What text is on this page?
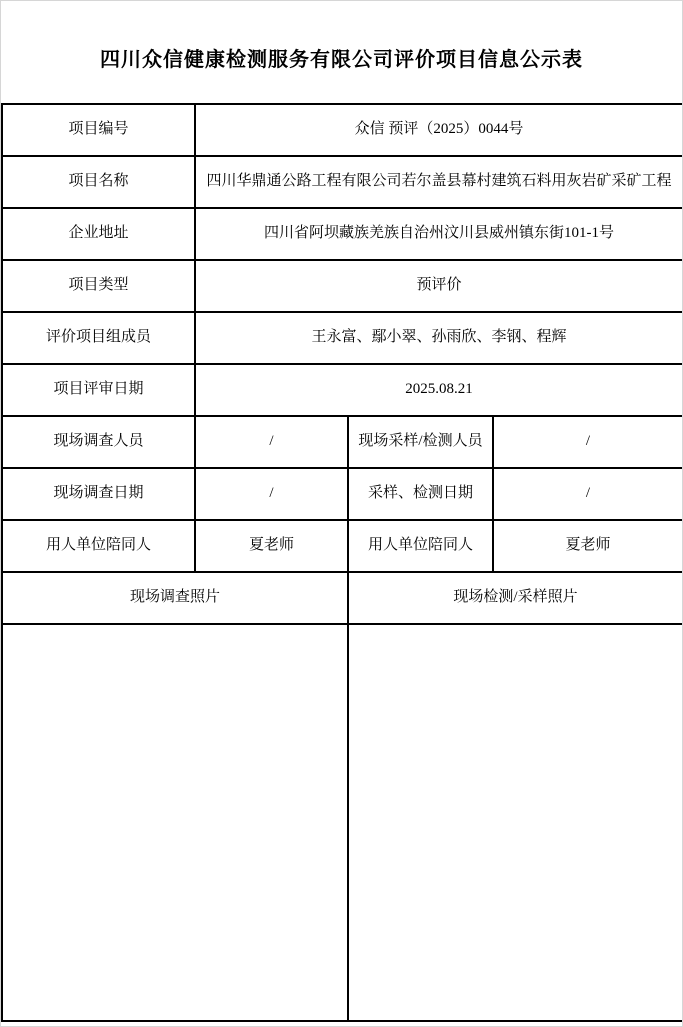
四川众信健康检测服务有限公司评价项目信息公示表
项目编号	众信 预评（2025）0044号		
项目名称	四川华鼎通公路工程有限公司若尔盖县幕村建筑石料用灰岩矿采矿工程		
企业地址	四川省阿坝藏族羌族自治州汶川县威州镇东街101-1号		
项目类型	预评价		
评价项目组成员	王永富、鄢小翠、孙雨欣、李钢、程辉		
项目评审日期	2025.08.21		
现场调查人员	/	现场采样/检测人员	/
现场调查日期	/	采样、检测日期	/
用人单位陪同人	夏老师	用人单位陪同人	夏老师
现场调查照片		现场检测/采样照片	
